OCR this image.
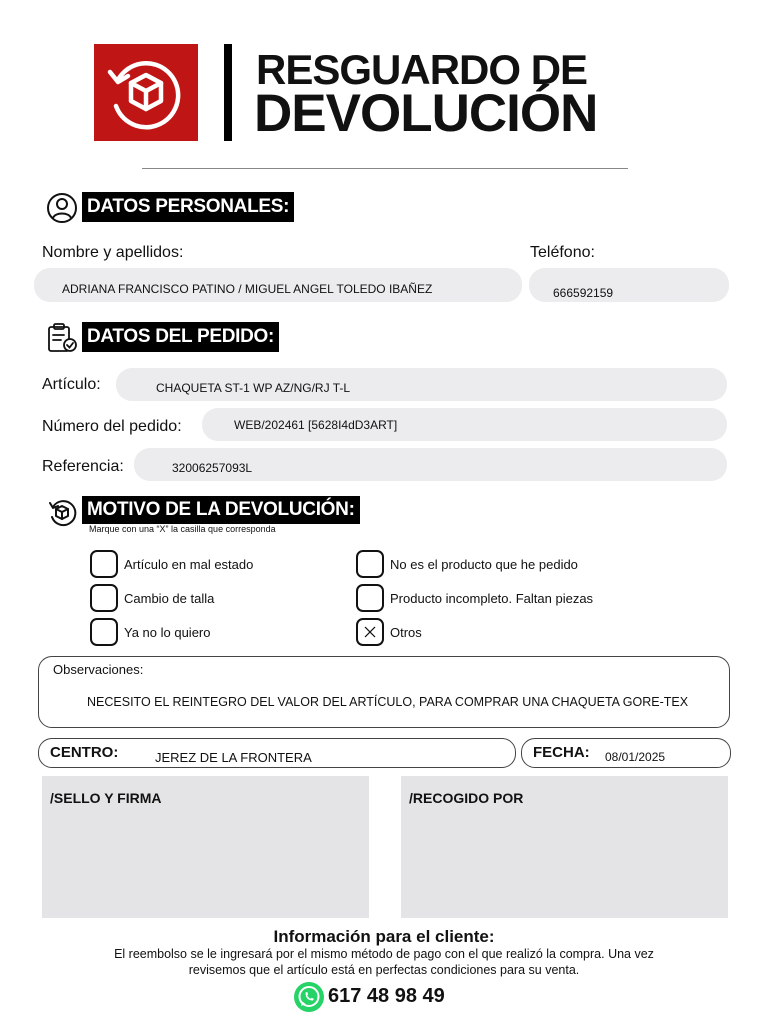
RESGUARDO DE
DEVOLUCIÓN
DATOS PERSONALES:
Nombre y apellidos:	Teléfono:
ADRIANA FRANCISCO PATINO / MIGUEL ANGEL TOLEDO IBAÑEZ	666592159
DATOS DEL PEDIDO:
Artículo:	CHAQUETA ST-1 WP AZ/NG/RJ T-L
Número del pedido:	WEB/202461 [5628I4dD3ART]
Referencia:	32006257093L
MOTIVO DE LA DEVOLUCIÓN:
Marque con una “X” la casilla que corresponda
Artículo en mal estado
Cambio de talla
Ya no lo quiero
No es el producto que he pedido
Producto incompleto. Faltan piezas
Otros
Observaciones:
NECESITO EL REINTEGRO DEL VALOR DEL ARTÍCULO, PARA COMPRAR UNA CHAQUETA GORE-TEX
CENTRO:	JEREZ DE LA FRONTERA	FECHA: 08/01/2025
/SELLO Y FIRMA	/RECOGIDO POR
Información para el cliente:
El reembolso se le ingresará por el mismo método de pago con el que realizó la compra. Una vez
revisemos que el artículo está en perfectas condiciones para su venta.
617 48 98 49
